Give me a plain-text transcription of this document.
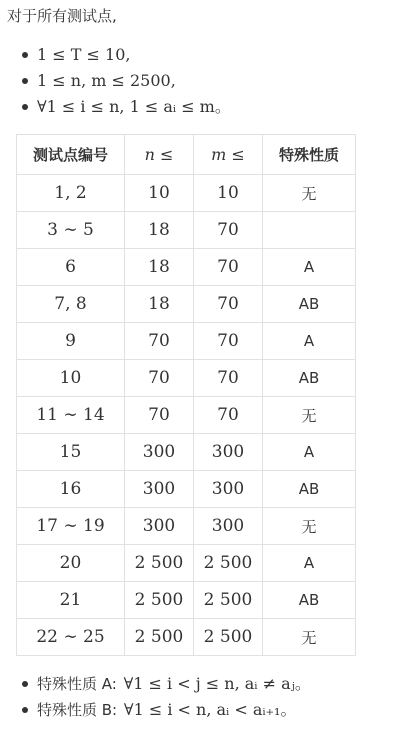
对于所有测试点,

1 ≤ T ≤ 10,
1 ≤ n, m ≤ 2500,
∀1 ≤ i ≤ n, 1 ≤ aᵢ ≤ m。
测试点编号	n ≤	m ≤	特殊性质
1, 2	10	10	无
3 ∼ 5	18	70	
6	18	70	A
7, 8	18	70	AB
9	70	70	A
10	70	70	AB
11 ∼ 14	70	70	无
15	300	300	A
16	300	300	AB
17 ∼ 19	300	300	无
20	2 500	2 500	A
21	2 500	2 500	AB
22 ∼ 25	2 500	2 500	无
特殊性质 A: ∀1 ≤ i < j ≤ n, aᵢ ≠ aⱼ。
特殊性质 B: ∀1 ≤ i < n, aᵢ < aᵢ₊₁。
